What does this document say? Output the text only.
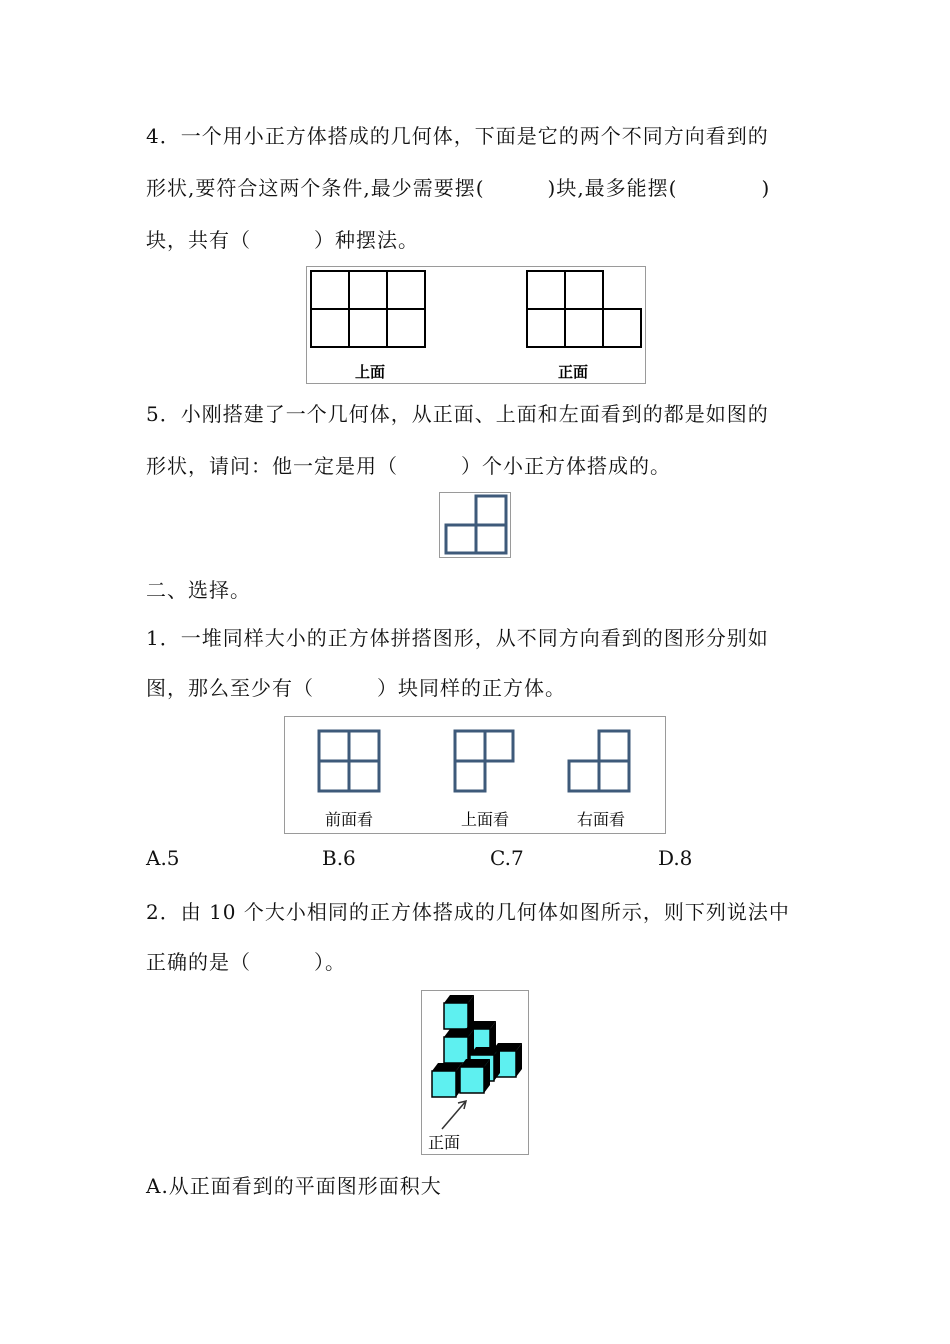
4．一个用小正方体搭成的几何体，下面是它的两个不同方向看到的
形状,要符合这两个条件,最少需要摆(　　　)块,最多能摆(　　　　)
块，共有（　　　）种摆法。
上面	正面
5．小刚搭建了一个几何体，从正面、上面和左面看到的都是如图的
形状，请问：他一定是用（　　　）个小正方体搭成的。
二、选择。
1．一堆同样大小的正方体拼搭图形，从不同方向看到的图形分别如
图，那么至少有（　　　）块同样的正方体。
前面看	上面看	右面看
A.5	B.6	C.7	D.8
2．由 10 个大小相同的正方体搭成的几何体如图所示，则下列说法中
正确的是（　　　）。
正面
A.从正面看到的平面图形面积大
